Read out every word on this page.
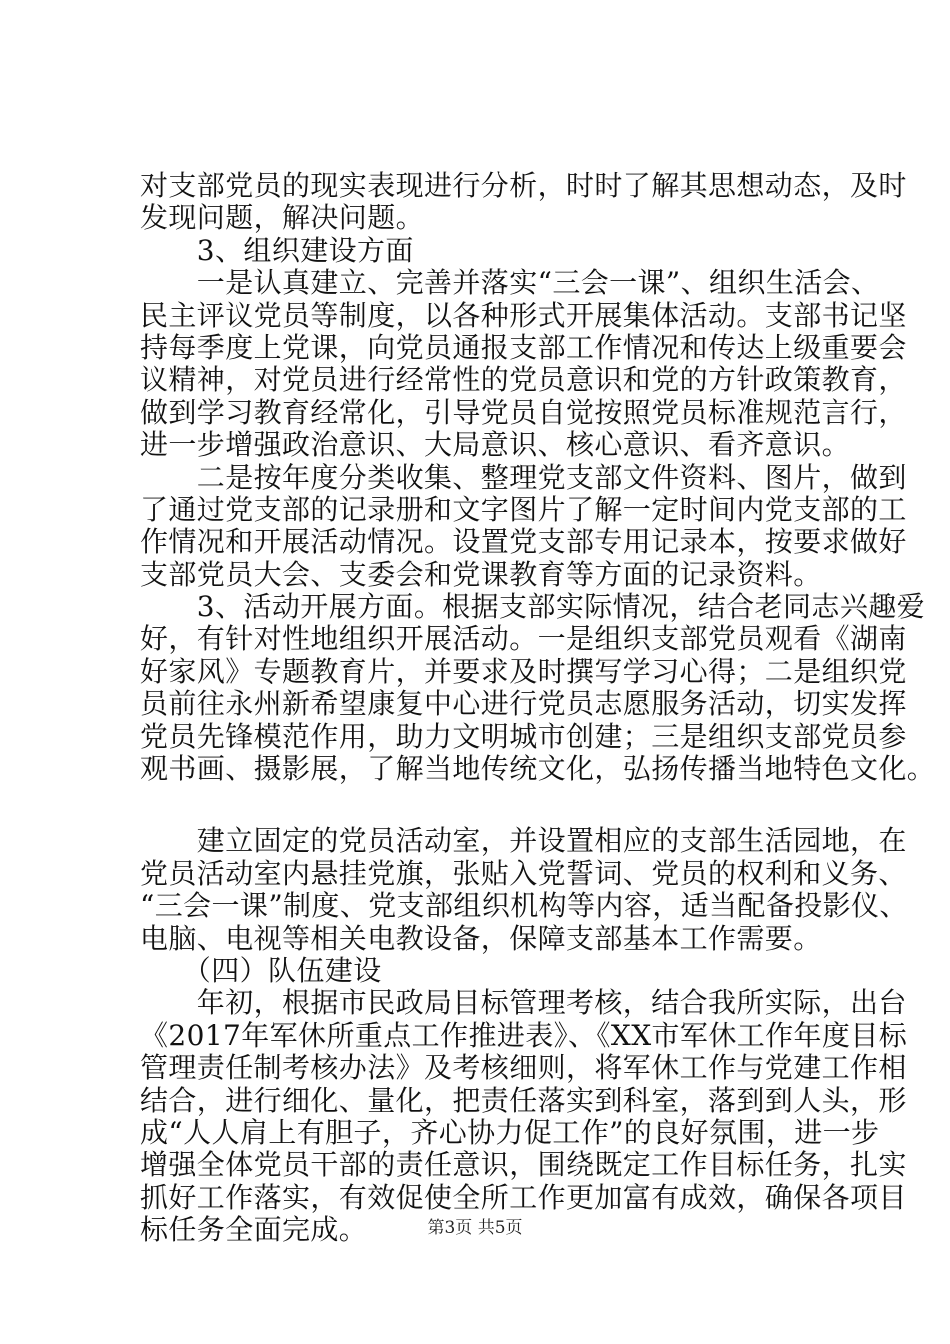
对支部党员的现实表现进行分析，时时了解其思想动态，及时
发现问题，解决问题。
　　3、组织建设方面
　　一是认真建立、完善并落实“三会一课”、组织生活会、
民主评议党员等制度，以各种形式开展集体活动。支部书记坚
持每季度上党课，向党员通报支部工作情况和传达上级重要会
议精神，对党员进行经常性的党员意识和党的方针政策教育，
做到学习教育经常化，引导党员自觉按照党员标准规范言行，
进一步增强政治意识、大局意识、核心意识、看齐意识。
　　二是按年度分类收集、整理党支部文件资料、图片，做到
了通过党支部的记录册和文字图片了解一定时间内党支部的工
作情况和开展活动情况。设置党支部专用记录本，按要求做好
支部党员大会、支委会和党课教育等方面的记录资料。
　　3、活动开展方面。根据支部实际情况，结合老同志兴趣爱
好，有针对性地组织开展活动。一是组织支部党员观看《湖南
好家风》专题教育片，并要求及时撰写学习心得；二是组织党
员前往永州新希望康复中心进行党员志愿服务活动，切实发挥
党员先锋模范作用，助力文明城市创建；三是组织支部党员参
观书画、摄影展，了解当地传统文化，弘扬传播当地特色文化。
　　建立固定的党员活动室，并设置相应的支部生活园地，在
党员活动室内悬挂党旗，张贴入党誓词、党员的权利和义务、
“三会一课”制度、党支部组织机构等内容，适当配备投影仪、
电脑、电视等相关电教设备，保障支部基本工作需要。
　　（四）队伍建设
　　年初，根据市民政局目标管理考核，结合我所实际，出台
《2017年军休所重点工作推进表》、《XX市军休工作年度目标
管理责任制考核办法》及考核细则，将军休工作与党建工作相
结合，进行细化、量化，把责任落实到科室，落到到人头，形
成“人人肩上有胆子，齐心协力促工作”的良好氛围，进一步
增强全体党员干部的责任意识，围绕既定工作目标任务，扎实
抓好工作落实，有效促使全所工作更加富有成效，确保各项目
标任务全面完成。	第3页 共5页
